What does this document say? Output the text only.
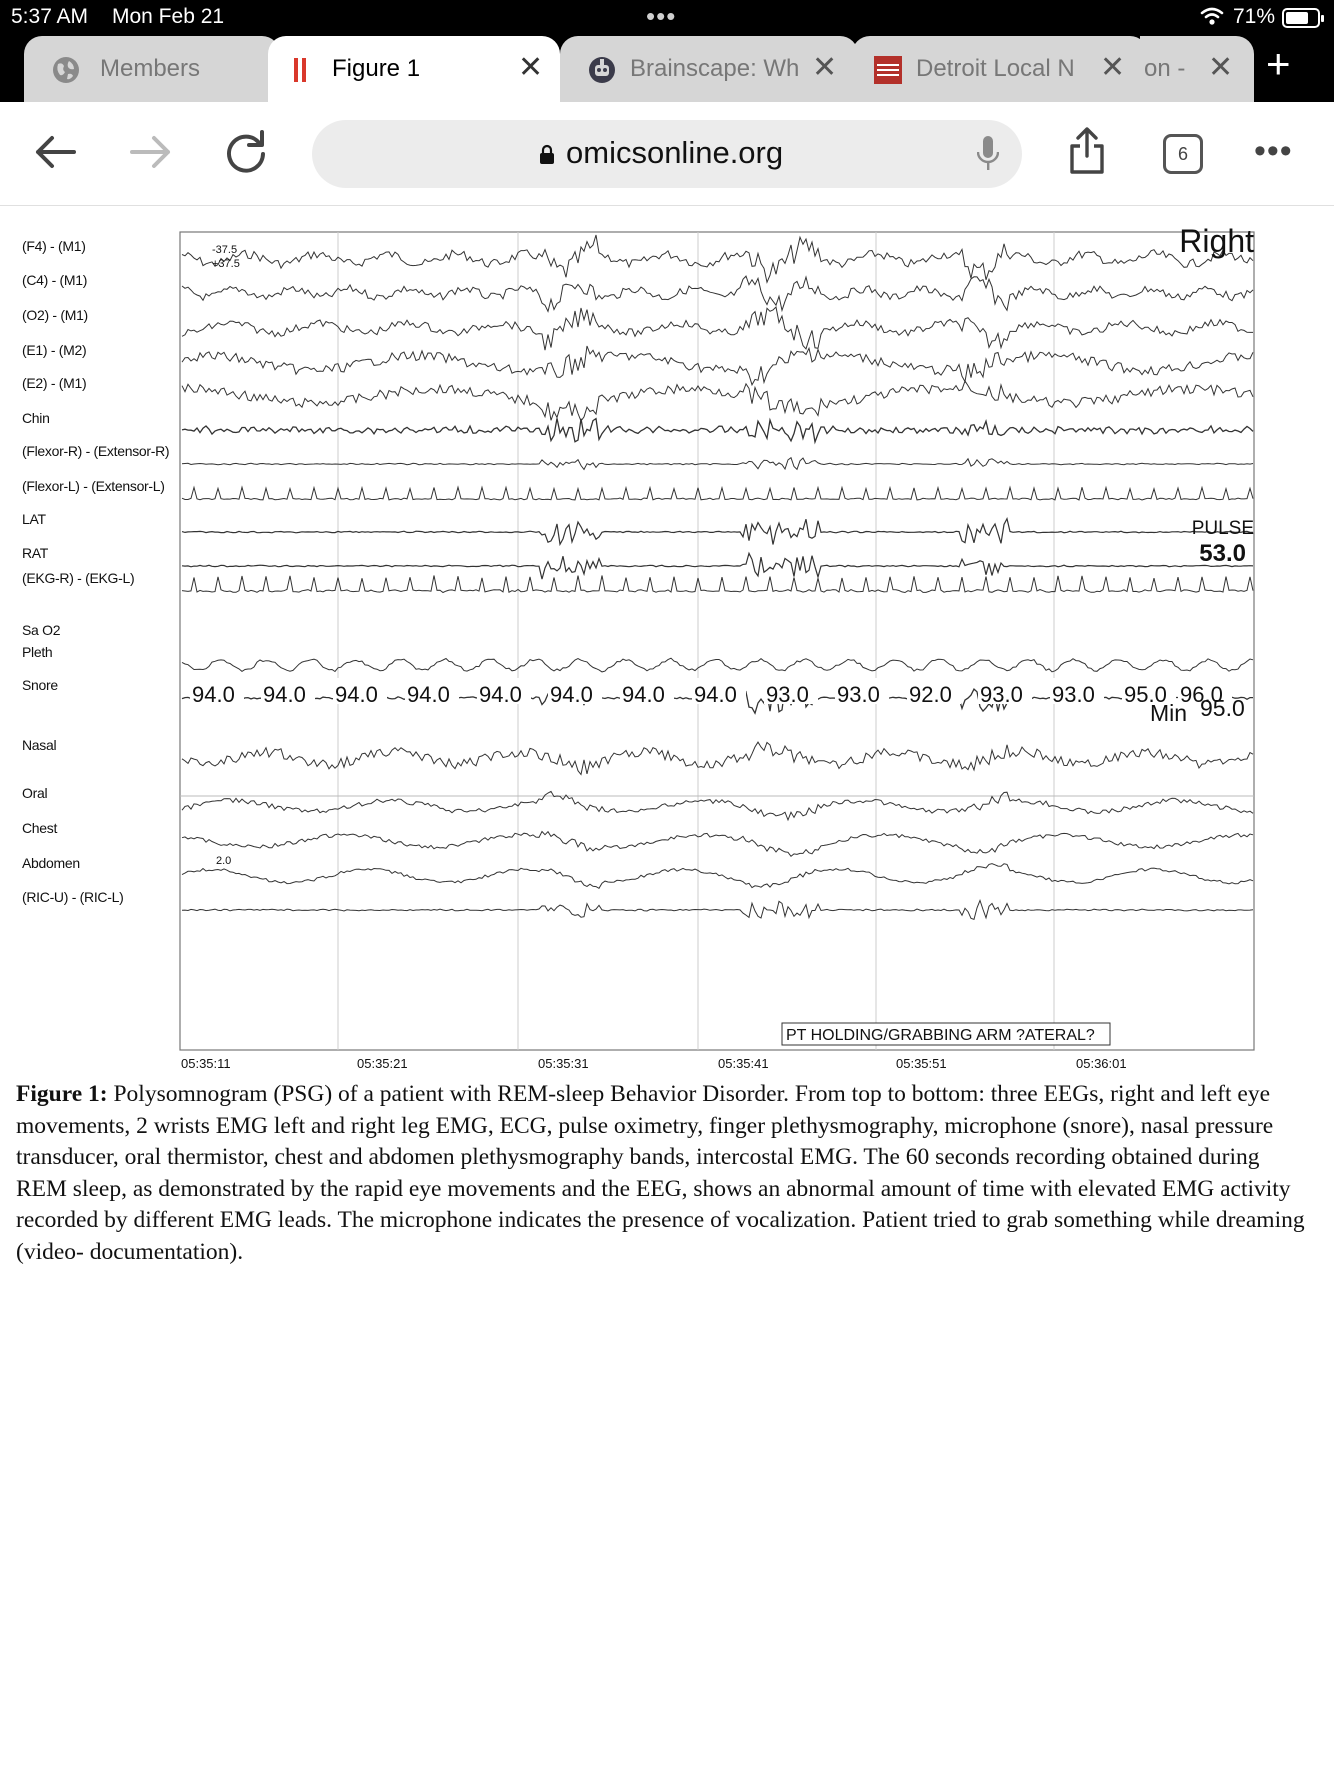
5:37 AM Mon Feb 21	•••	71%
Members	Figure 1	✕	Brainscape: Wh ✕	Detroit Local N ✕ on - ✕ +
omicsonline.org	6	•••
-37.5
+37.5
Right
PULSE
53.0
94.0 94.0 94.0 94.0 94.0 94.0 94.0 94.0 93.0 93.0 92.0 93.0 93.0 95.0 96.0
Min 95.0
2.0
PT HOLDING/GRABBING ARM ?ATERAL?
(F4) - (M1)
(C4) - (M1)
(O2) - (M1)
(E1) - (M2)
(E2) - (M1)
Chin
(Flexor-R) - (Extensor-R)
(Flexor-L) - (Extensor-L)
LAT
RAT
(EKG-R) - (EKG-L)
Sa O2
Pleth
Snore
Nasal
Oral
Chest
Abdomen
(RIC-U) - (RIC-L)
05:35:11	05:35:21	05:35:31	05:35:41	05:35:51	05:36:01
Figure 1: Polysomnogram (PSG) of a patient with REM-sleep Behavior Disorder. From top to bottom: three EEGs, right and left eye movements, 2 wrists EMG left and right leg EMG, ECG, pulse oximetry, finger plethysmography, microphone (snore), nasal pressure transducer, oral thermistor, chest and abdomen plethysmography bands, intercostal EMG. The 60 seconds recording obtained during REM sleep, as demonstrated by the rapid eye movements and the EEG, shows an abnormal amount of time with elevated EMG activity recorded by different EMG leads. The microphone indicates the presence of vocalization. Patient tried to grab something while dreaming (video- documentation).
